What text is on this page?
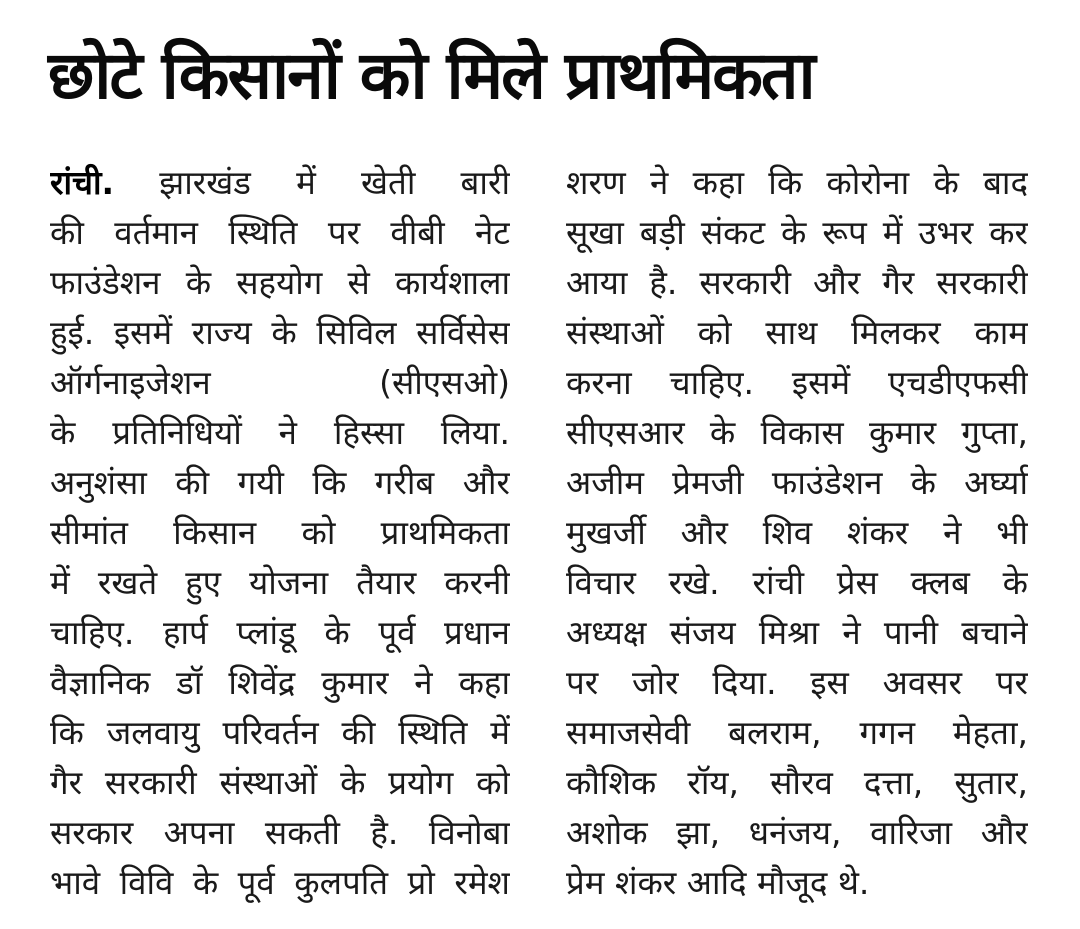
छोटे किसानों को मिले प्राथमिकता
रांची. झारखंड में खेती बारी
की वर्तमान स्थिति पर वीबी नेट
फाउंडेशन के सहयोग से कार्यशाला
हुई. इसमें राज्य के सिविल सर्विसेस
ऑर्गनाइजेशन (सीएसओ)
के प्रतिनिधियों ने हिस्सा लिया.
अनुशंसा की गयी कि गरीब और
सीमांत किसान को प्राथमिकता
में रखते हुए योजना तैयार करनी
चाहिए. हार्प प्लांडू के पूर्व प्रधान
वैज्ञानिक डॉ शिवेंद्र कुमार ने कहा
कि जलवायु परिवर्तन की स्थिति में
गैर सरकारी संस्थाओं के प्रयोग को
सरकार अपना सकती है. विनोबा
भावे विवि के पूर्व कुलपति प्रो रमेश
शरण ने कहा कि कोरोना के बाद
सूखा बड़ी संकट के रूप में उभर कर
आया है. सरकारी और गैर सरकारी
संस्थाओं को साथ मिलकर काम
करना चाहिए. इसमें एचडीएफसी
सीएसआर के विकास कुमार गुप्ता,
अजीम प्रेमजी फाउंडेशन के अर्घ्या
मुखर्जी और शिव शंकर ने भी
विचार रखे. रांची प्रेस क्लब के
अध्यक्ष संजय मिश्रा ने पानी बचाने
पर जोर दिया. इस अवसर पर
समाजसेवी बलराम, गगन मेहता,
कौशिक रॉय, सौरव दत्ता, सुतार,
अशोक झा, धनंजय, वारिजा और
प्रेम शंकर आदि मौजूद थे.
